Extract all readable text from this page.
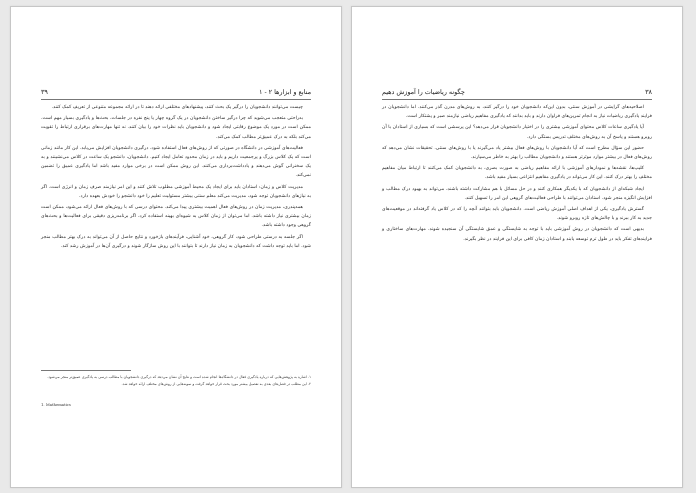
۳۹	۱ - ۲ منابع و ابزارها

چیست می‌توانند دانشجویان را درگیر یک بحث کنند، پیشنهادهای مختلفی ارائه دهند تا در ارائه مجموعه متنوعی از تعریف کمک کنند.

به‌راحتی متعجب می‌شوید که چرا درگیر ساختن دانشجویان در یک گروه چهار یا پنج نفره در جلسات، بحث‌ها و یادگیری بسیار مهم است. ممکن است در مورد یک موضوع رقابتی ایجاد شود و دانشجویان باید نظرات خود را بیان کنند. نه تنها مهارت‌های برقراری ارتباط را تقویت می‌کند بلکه به درک عمیق‌تر مطالب کمک می‌کند.

فعالیت‌های آموزشی در دانشگاه در صورتی که از روش‌های فعال استفاده شود، درگیری دانشجویان افزایش می‌یابد. این کار مانند زمانی است که یک کلاس بزرگ و پرجمعیت داریم و باید در زمان محدود تعامل ایجاد کنیم. دانشجویان، دانشجو یک ساعت در کلاس می‌نشینند و به یک سخنرانی گوش می‌دهند و یادداشت‌برداری می‌کنند. این روش ممکن است در برخی موارد مفید باشد اما یادگیری عمیق را تضمین نمی‌کند.

مدیریت کلاس و زمان: استادان باید برای ایجاد یک محیط آموزشی مطلوب تلاش کنند و این امر نیازمند صرف زمان و انرژی است. اگر به نیازهای دانشجویان توجه شود، مدیریت می‌کند معلم سنتی بیشتر مسئولیت تعلیم را خود دانشجو را خودش بعهده دارد.

همه‌پندری، مدیریت زمان در روش‌های فعال اهمیت بیشتری پیدا می‌کند. محتوای درسی که با روش‌های فعال ارائه می‌شود، ممکن است زمان بیشتری نیاز داشته باشد. اما می‌توان از زمان کلاس به شیوه‌ای بهینه استفاده کرد، اگر برنامه‌ریزی دقیقی برای فعالیت‌ها و بحث‌های گروهی وجود داشته باشد.

اگر جلسه به درستی طراحی شود، کار گروهی، خود آشنایی، فرآیندهای بازخورد و نتایج حاصل از آن می‌تواند به درک بهتر مطالب منجر شود. اما باید توجه داشت که دانشجویان به زمان نیاز دارند تا بتوانند با این روش سازگار شوند و درگیری آن‌ها در آموزش رشد کند.

۱. اشاره به پژوهش‌هایی که درباره یادگیری فعال در دانشگاه‌ها انجام شده است و نتایج آن نشان می‌دهد که درگیری دانشجویان با مطالب درسی به یادگیری عمیق‌تر منجر می‌شود.
۲. این مطلب در فصل‌های بعدی به تفصیل بیشتر مورد بحث قرار خواهد گرفت و نمونه‌هایی از روش‌های مختلف ارائه خواهد شد.
1. Mathematics
چگونه ریاضیات را آموزش دهیم	۳۸

اصلاحیه‌های گرایشی در آموزش سنتی، بدون این‌که دانشجویان خود را درگیر کنند، به روش‌های مدرن گذر می‌کنند. اما دانشجویان در فرایند یادگیری ریاضیات نیاز به انجام تمرین‌های فراوان دارند و باید بدانند که یادگیری مفاهیم ریاضی نیازمند صبر و پشتکار است.

آیا یادگیری ساعات کلاس محتوای آموزشی بیشتری را در اختیار دانشجویان قرار می‌دهد؟ این پرسشی است که بسیاری از استادان با آن روبرو هستند و پاسخ آن به روش‌های مختلف تدریس بستگی دارد.

حضور این سؤال مطرح است که آیا دانشجویان با روش‌های فعال بیشتر یاد می‌گیرند یا با روش‌های سنتی. تحقیقات نشان می‌دهد که روش‌های فعال در بیشتر موارد موثرتر هستند و دانشجویان مطالب را بهتر به خاطر می‌سپارند.

کلیپ‌ها، نقشه‌ها و نمودارهای آموزشی با ارائه مفاهیم ریاضی به صورت بصری، به دانشجویان کمک می‌کنند تا ارتباط میان مفاهیم مختلف را بهتر درک کنند. این کار می‌تواند در یادگیری مفاهیم انتزاعی بسیار مفید باشد.

ایجاد شبکه‌ای از دانشجویان که با یکدیگر همکاری کنند و در حل مسائل با هم مشارکت داشته باشند، می‌تواند به بهبود درک مطالب و افزایش انگیزه منجر شود. استادان می‌توانند با طراحی فعالیت‌های گروهی این امر را تسهیل کنند.

گسترش یادگیری، یکی از اهداف اصلی آموزش ریاضی است. دانشجویان باید بتوانند آنچه را که در کلاس یاد گرفته‌اند در موقعیت‌های جدید به کار ببرند و با چالش‌های تازه روبرو شوند.

بدیهی است که دانشجویان در روش آموزشی باید با توجه به شایستگی و عمق شایستگی آن سنجیده شوند. مهارت‌های ساختاری و فرایندهای تفکر باید در طول ترم توسعه یابند و استادان زمان کافی برای این فرایند در نظر بگیرند.
